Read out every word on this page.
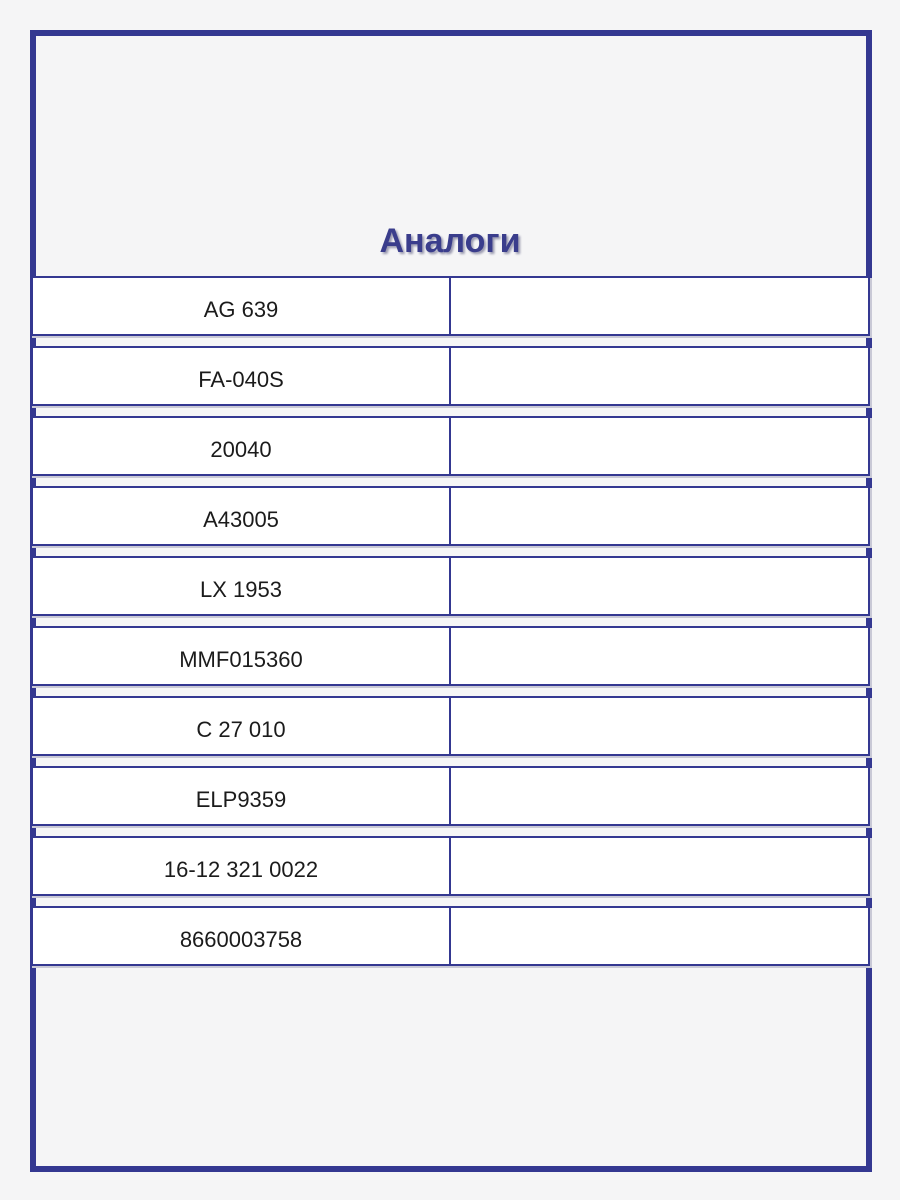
Аналоги
AG 639
FA-040S
20040
A43005
LX 1953
MMF015360
C 27 010
ELP9359
16-12 321 0022
8660003758
